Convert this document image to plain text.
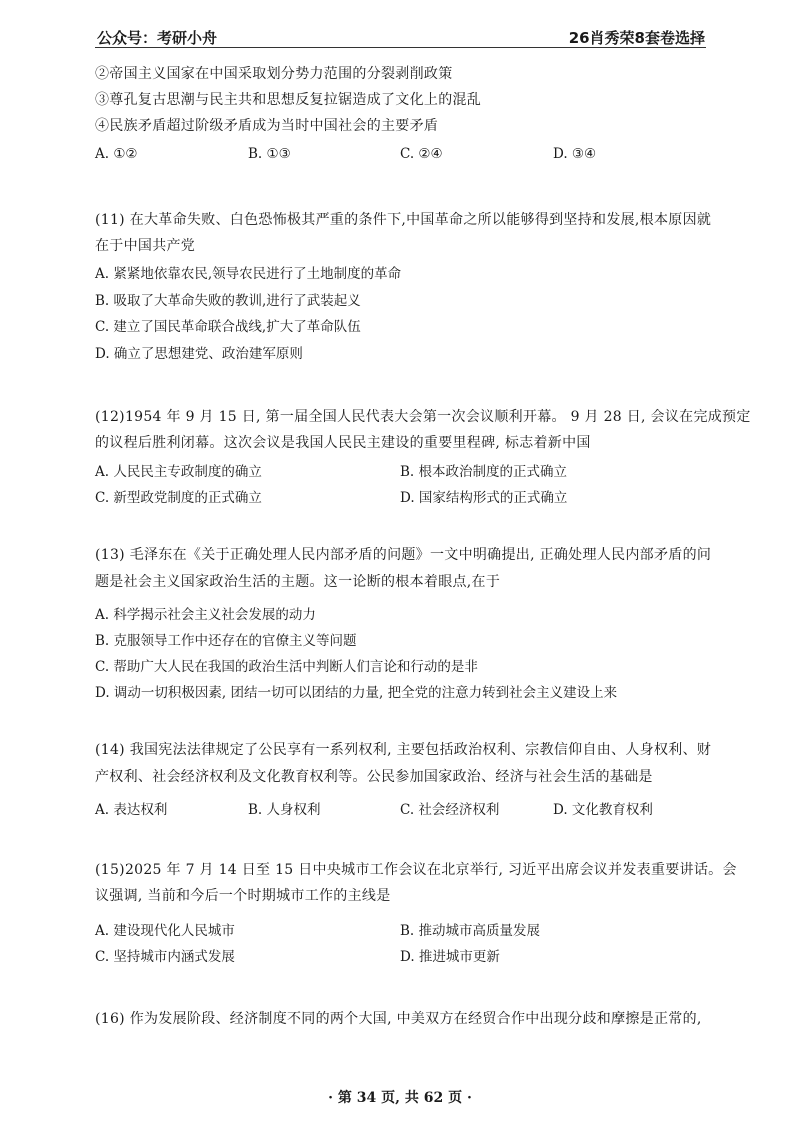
公众号：考研小舟	26肖秀荣8套卷选择
②帝国主义国家在中国采取划分势力范围的分裂剥削政策
③尊孔复古思潮与民主共和思想反复拉锯造成了文化上的混乱
④民族矛盾超过阶级矛盾成为当时中国社会的主要矛盾
A. ①②	B. ①③	C. ②④	D. ③④
(11) 在大革命失败、白色恐怖极其严重的条件下,中国革命之所以能够得到坚持和发展,根本原因就
在于中国共产党
A. 紧紧地依靠农民,领导农民进行了土地制度的革命
B. 吸取了大革命失败的教训,进行了武装起义
C. 建立了国民革命联合战线,扩大了革命队伍
D. 确立了思想建党、政治建军原则
(12)1954 年 9 月 15 日, 第一届全国人民代表大会第一次会议顺利开幕。 9 月 28 日, 会议在完成预定
的议程后胜利闭幕。这次会议是我国人民民主建设的重要里程碑, 标志着新中国
A. 人民民主专政制度的确立	B. 根本政治制度的正式确立
C. 新型政党制度的正式确立	D. 国家结构形式的正式确立
(13) 毛泽东在《关于正确处理人民内部矛盾的问题》一文中明确提出, 正确处理人民内部矛盾的问
题是社会主义国家政治生活的主题。这一论断的根本着眼点,在于
A. 科学揭示社会主义社会发展的动力
B. 克服领导工作中还存在的官僚主义等问题
C. 帮助广大人民在我国的政治生活中判断人们言论和行动的是非
D. 调动一切积极因素, 团结一切可以团结的力量, 把全党的注意力转到社会主义建设上来
(14) 我国宪法法律规定了公民享有一系列权利, 主要包括政治权利、宗教信仰自由、人身权利、财
产权利、社会经济权利及文化教育权利等。公民参加国家政治、经济与社会生活的基础是
A. 表达权利	B. 人身权利	C. 社会经济权利	D. 文化教育权利
(15)2025 年 7 月 14 日至 15 日中央城市工作会议在北京举行, 习近平出席会议并发表重要讲话。会
议强调, 当前和今后一个时期城市工作的主线是
A. 建设现代化人民城市	B. 推动城市高质量发展
C. 坚持城市内涵式发展	D. 推进城市更新
(16) 作为发展阶段、经济制度不同的两个大国, 中美双方在经贸合作中出现分歧和摩擦是正常的,
· 第 34 页, 共 62 页 ·
